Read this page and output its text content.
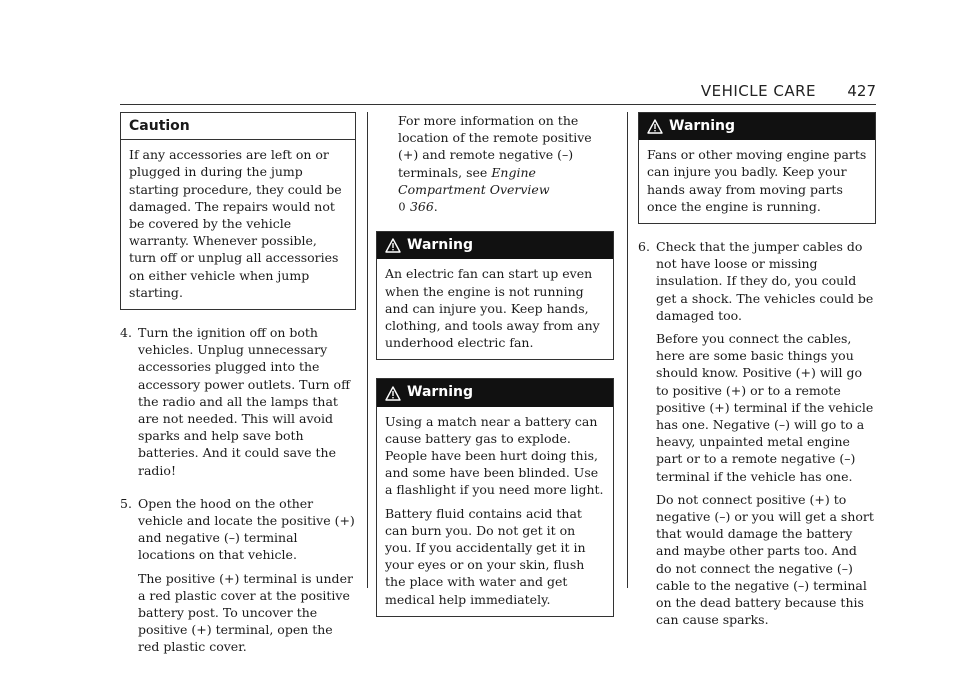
VEHICLE CARE 427
Caution

If any accessories are left on or plugged in during the jump starting procedure, they could be damaged. The repairs would not be covered by the vehicle warranty. Whenever possible, turn off or unplug all accessories on either vehicle when jump starting.

4. Turn the ignition off on both vehicles. Unplug unnecessary accessories plugged into the accessory power outlets. Turn off the radio and all the lamps that are not needed. This will avoid sparks and help save both batteries. And it could save the radio!

5. Open the hood on the other vehicle and locate the positive (+) and negative (–) terminal locations on that vehicle.

The positive (+) terminal is under a red plastic cover at the positive battery post. To uncover the positive (+) terminal, open the red plastic cover.

For more information on the location of the remote positive (+) and remote negative (–) terminals, see Engine Compartment Overview
0 366.

Warning

An electric fan can start up even when the engine is not running and can injure you. Keep hands, clothing, and tools away from any underhood electric fan.

Warning

Using a match near a battery can cause battery gas to explode. People have been hurt doing this, and some have been blinded. Use a flashlight if you need more light.

Battery fluid contains acid that can burn you. Do not get it on you. If you accidentally get it in your eyes or on your skin, flush the place with water and get medical help immediately.

Warning

Fans or other moving engine parts can injure you badly. Keep your hands away from moving parts once the engine is running.

6. Check that the jumper cables do not have loose or missing insulation. If they do, you could get a shock. The vehicles could be damaged too.

Before you connect the cables, here are some basic things you should know. Positive (+) will go to positive (+) or to a remote positive (+) terminal if the vehicle has one. Negative (–) will go to a heavy, unpainted metal engine part or to a remote negative (–) terminal if the vehicle has one.

Do not connect positive (+) to negative (–) or you will get a short that would damage the battery and maybe other parts too. And do not connect the negative (–) cable to the negative (–) terminal on the dead battery because this can cause sparks.
